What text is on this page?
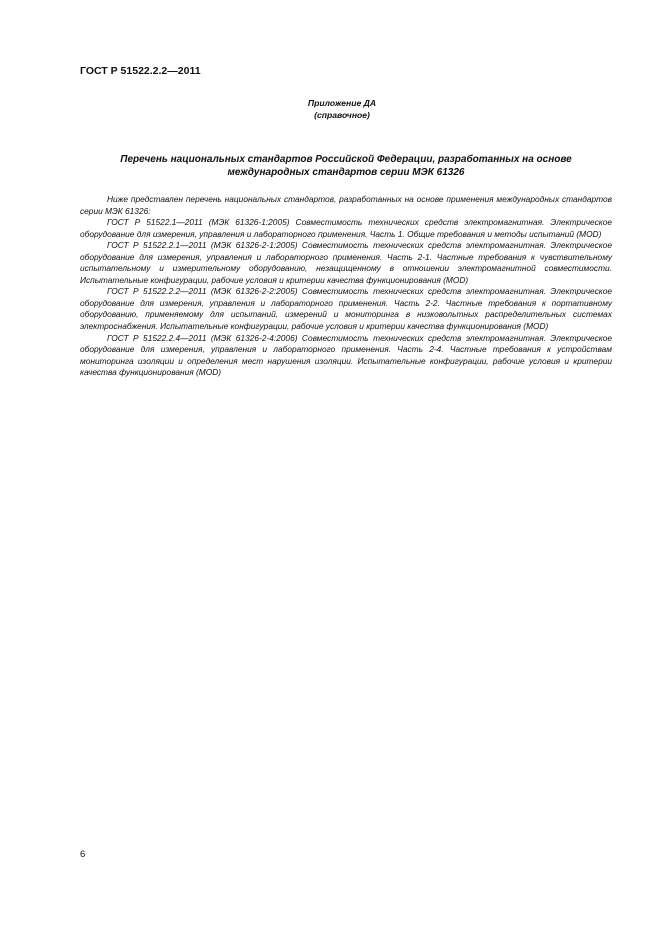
ГОСТ Р 51522.2.2—2011
Приложение ДА
(справочное)
Перечень национальных стандартов Российской Федерации, разработанных на основе
международных стандартов серии МЭК 61326

Ниже представлен перечень национальных стандартов, разработанных на основе применения международных стандартов серии МЭК 61326:

ГОСТ Р 51522.1—2011 (МЭК 61326-1:2005) Совместимость технических средств электромагнитная. Электрическое оборудование для измерения, управления и лабораторного применения. Часть 1. Общие требования и методы испытаний (MOD)

ГОСТ Р 51522.2.1—2011 (МЭК 61326-2-1:2005) Совместимость технических средств электромагнитная. Электрическое оборудование для измерения, управления и лабораторного применения. Часть 2-1. Частные требования к чувствительному испытательному и измерительному оборудованию, незащищенному в отношении электромагнитной совместимости. Испытательные конфигурации, рабочие условия и критерии качества функционирования (MOD)

ГОСТ Р 51522.2.2—2011 (МЭК 61326-2-2:2005) Совместимость технических средств электромагнитная. Электрическое оборудование для измерения, управления и лабораторного применения. Часть 2-2. Частные требования к портативному оборудованию, применяемому для испытаний, измерений и мониторинга в низковольтных распределительных системах электроснабжения. Испытательные конфигурации, рабочие условия и критерии качества функционирования (MOD)

ГОСТ Р 51522.2.4—2011 (МЭК 61326-2-4:2006) Совместимость технических средств электромагнитная. Электрическое оборудование для измерения, управления и лабораторного применения. Часть 2-4. Частные требования к устройствам мониторинга изоляции и определения мест нарушения изоляции. Испытательные конфигурации, рабочие условия и критерии качества функционирования (MOD)

6
